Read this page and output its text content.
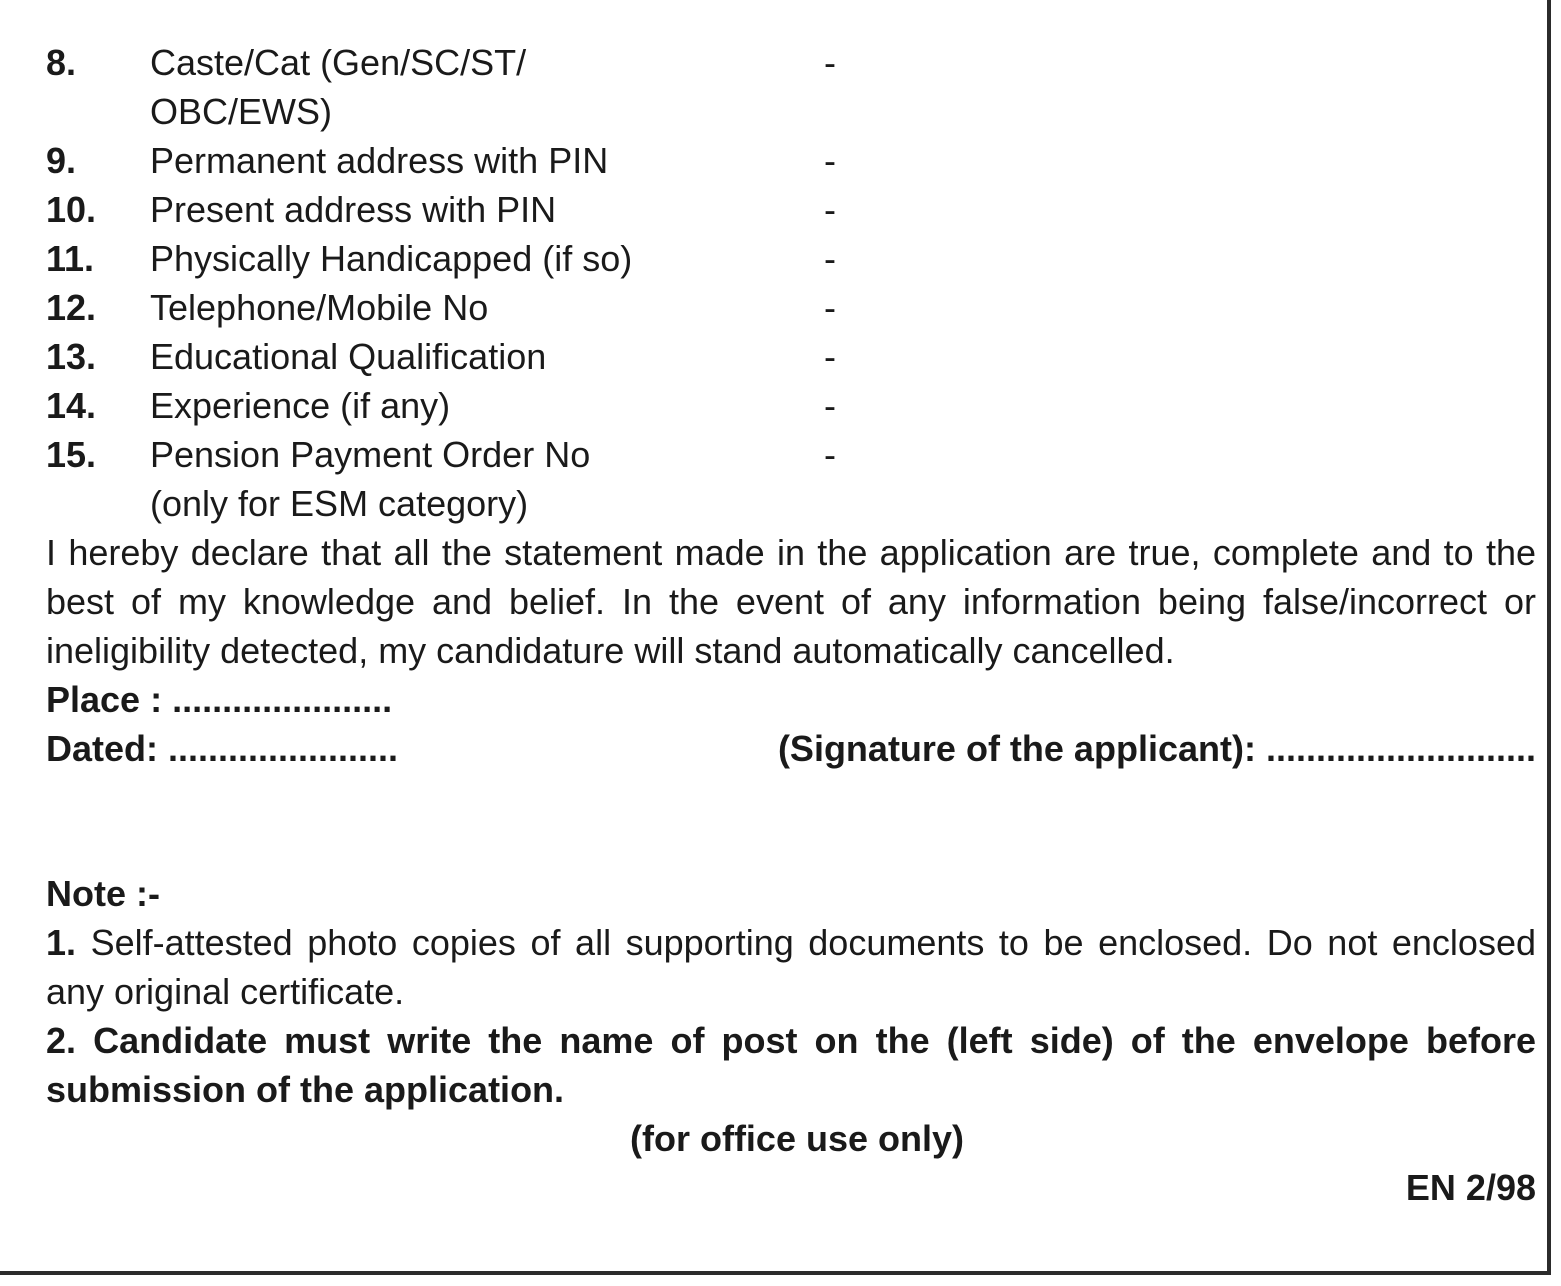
8. Caste/Cat (Gen/SC/ST/
OBC/EWS)
-
9. Permanent address with PIN	-
10. Present address with PIN	-
11. Physically Handicapped (if so)	-
12. Telephone/Mobile No	-
13. Educational Qualification	-
14. Experience (if any)	-
15. Pension Payment Order No
(only for ESM category)
-
I hereby declare that all the statement made in the application are true, complete and to the best of my knowledge and belief. In the event of any information being false/incorrect or ineligibility detected, my candidature will stand automatically cancelled.
Place : ......................
Dated: .......................	(Signature of the applicant): ...........................
Note :-
1. Self-attested photo copies of all supporting documents to be enclosed. Do not enclosed any original certificate.
2. Candidate must write the name of post on the (left side) of the envelope before submission of the application.
(for office use only)
EN 2/98
